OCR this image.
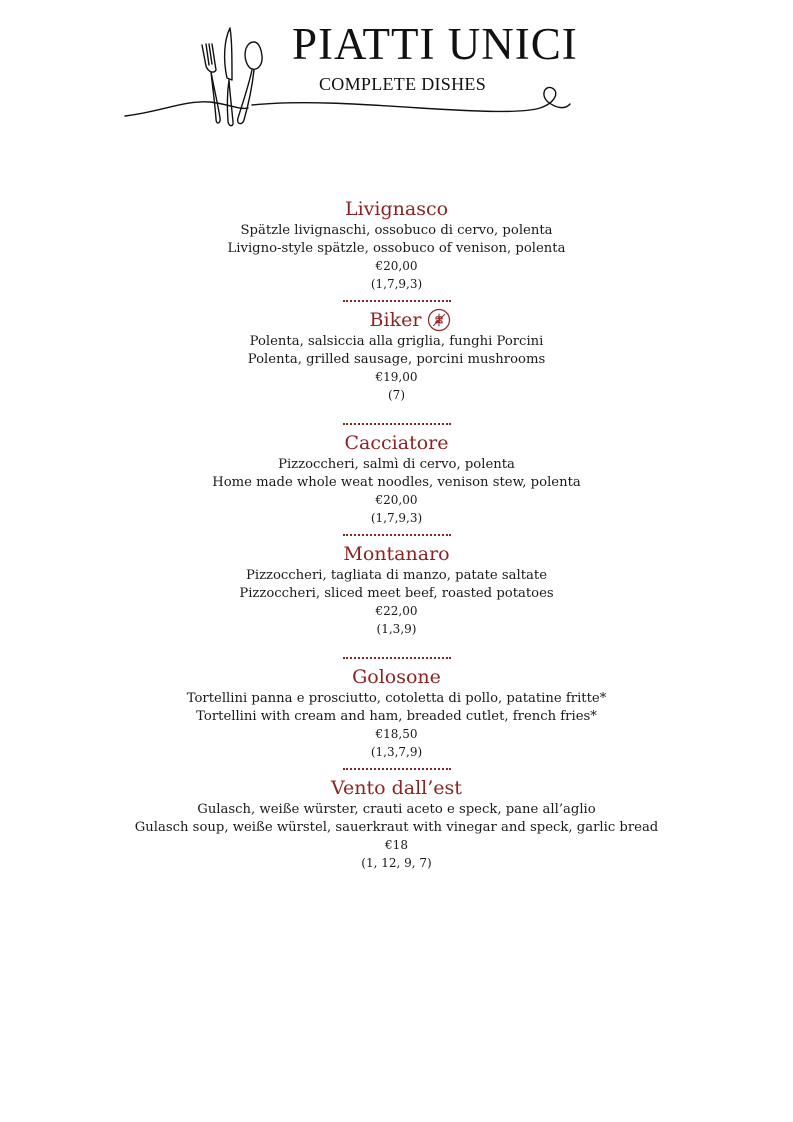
PIATTI UNICI
COMPLETE DISHES
Livignasco
Spätzle livignaschi, ossobuco di cervo, polenta
Livigno-style spätzle, ossobuco of venison, polenta
€20,00
(1,7,9,3)
Biker
Polenta, salsiccia alla griglia, funghi Porcini
Polenta, grilled sausage, porcini mushrooms
€19,00
(7)
Cacciatore
Pizzoccheri, salmì di cervo, polenta
Home made whole weat noodles, venison stew, polenta
€20,00
(1,7,9,3)
Montanaro
Pizzoccheri, tagliata di manzo, patate saltate
Pizzoccheri, sliced meet beef, roasted potatoes
€22,00
(1,3,9)
Golosone
Tortellini panna e prosciutto, cotoletta di pollo, patatine fritte*
Tortellini with cream and ham, breaded cutlet, french fries*
€18,50
(1,3,7,9)
Vento dall’est
Gulasch, weiße würster, crauti aceto e speck, pane all’aglio
Gulasch soup, weiße würstel, sauerkraut with vinegar and speck, garlic bread
€18
(1, 12, 9, 7)
